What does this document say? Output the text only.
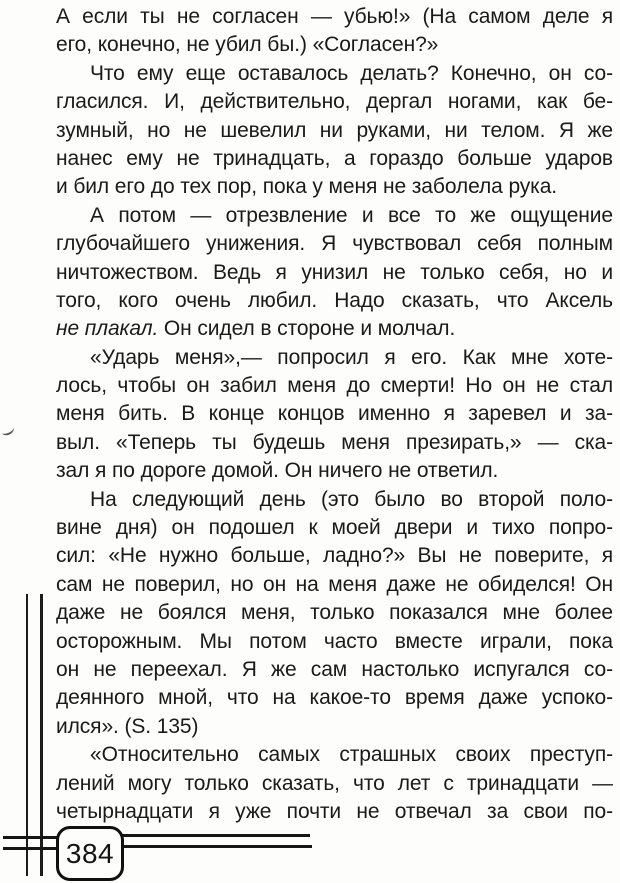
А если ты не согласен — убью!» (На самом деле я
его, конечно, не убил бы.) «Согласен?»
Что ему еще оставалось делать? Конечно, он со-
гласился. И, действительно, дергал ногами, как бе-
зумный, но не шевелил ни руками, ни телом. Я же
нанес ему не тринадцать, а гораздо больше ударов
и бил его до тех пор, пока у меня не заболела рука.
А потом — отрезвление и все то же ощущение
глубочайшего унижения. Я чувствовал себя полным
ничтожеством. Ведь я унизил не только себя, но и
того, кого очень любил. Надо сказать, что Аксель
не плакал. Он сидел в стороне и молчал.
«Ударь меня»,— попросил я его. Как мне хоте-
лось, чтобы он забил меня до смерти! Но он не стал
меня бить. В конце концов именно я заревел и за-
выл. «Теперь ты будешь меня презирать,» — ска-
зал я по дороге домой. Он ничего не ответил.
На следующий день (это было во второй поло-
вине дня) он подошел к моей двери и тихо попро-
сил: «Не нужно больше, ладно?» Вы не поверите, я
сам не поверил, но он на меня даже не обиделся! Он
даже не боялся меня, только показался мне более
осторожным. Мы потом часто вместе играли, пока
он не переехал. Я же сам настолько испугался со-
деянного мной, что на какое-то время даже успоко-
ился». (S. 135)
«Относительно самых страшных своих преступ-
лений могу только сказать, что лет с тринадцати —
четырнадцати я уже почти не отвечал за свои по-
384
